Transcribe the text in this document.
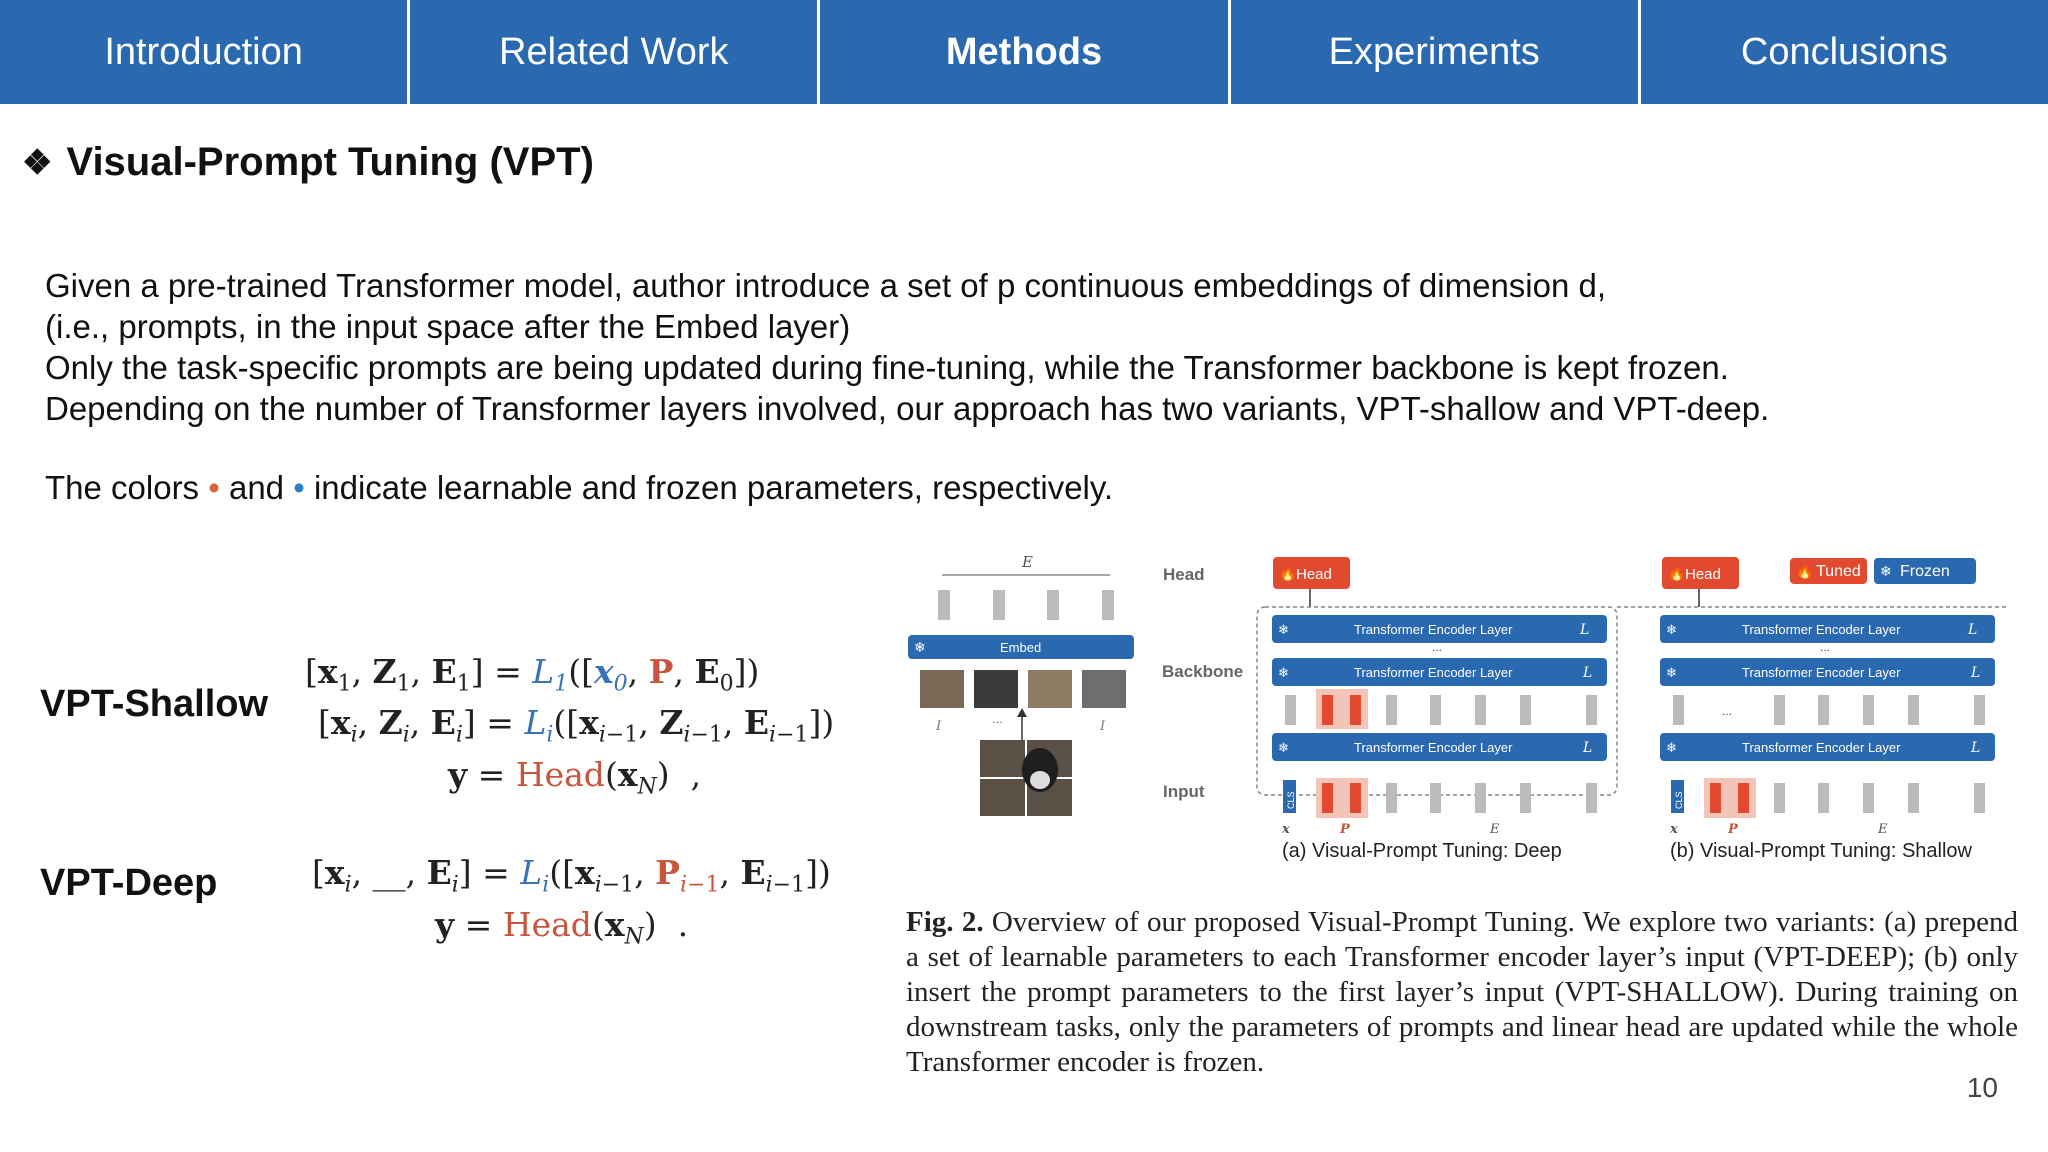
Introduction	Related Work	Methods	Experiments	Conclusions
❖ Visual-Prompt Tuning (VPT)
Given a pre-trained Transformer model, author introduce a set of p continuous embeddings of dimension d,
(i.e., prompts, in the input space after the Embed layer)
Only the task-specific prompts are being updated during fine-tuning, while the Transformer backbone is kept frozen.
Depending on the number of Transformer layers involved, our approach has two variants, VPT-shallow and VPT-deep.
The colors • and • indicate learnable and frozen parameters, respectively.
VPT-Shallow
VPT-Deep
[$x_1$, $Z_1$, $E_1] = L_1([x_0$, P, $E_0$])
[$x_i$, $Z_i$, $E_i] = L_i([x_{i-1}$, $Z_{i-1}$, $E_{i-1}$])
$y = Head(x_N)$  ,
[$x_i$, __, $E_i] = L_i([x_{i-1}$, $P_{i-1}$, $E_{i-1}$])
$y = Head(x_N)$  .
E
❄	Embed
I
...
I
Head
Backbone
Input
🔥 Tuned ❄ Frozen
🔥 Head
❄	Transformer Encoder Layer	L
...
❄	Transformer Encoder Layer	L
❄	Transformer Encoder Layer	L
CLS
x	P	E
(a) Visual-Prompt Tuning: Deep
🔥 Head
❄	Transformer Encoder Layer	L
...
❄	Transformer Encoder Layer	L
...
❄	Transformer Encoder Layer	L
CLS
x	P	E
(b) Visual-Prompt Tuning: Shallow
Fig. 2. Overview of our proposed Visual-Prompt Tuning. We explore two variants: (a) prepend a set of learnable parameters to each Transformer encoder layer’s input (VPT-DEEP); (b) only insert the prompt parameters to the first layer’s input (VPT-SHALLOW). During training on downstream tasks, only the parameters of prompts and linear head are updated while the whole Transformer encoder is frozen.
10
